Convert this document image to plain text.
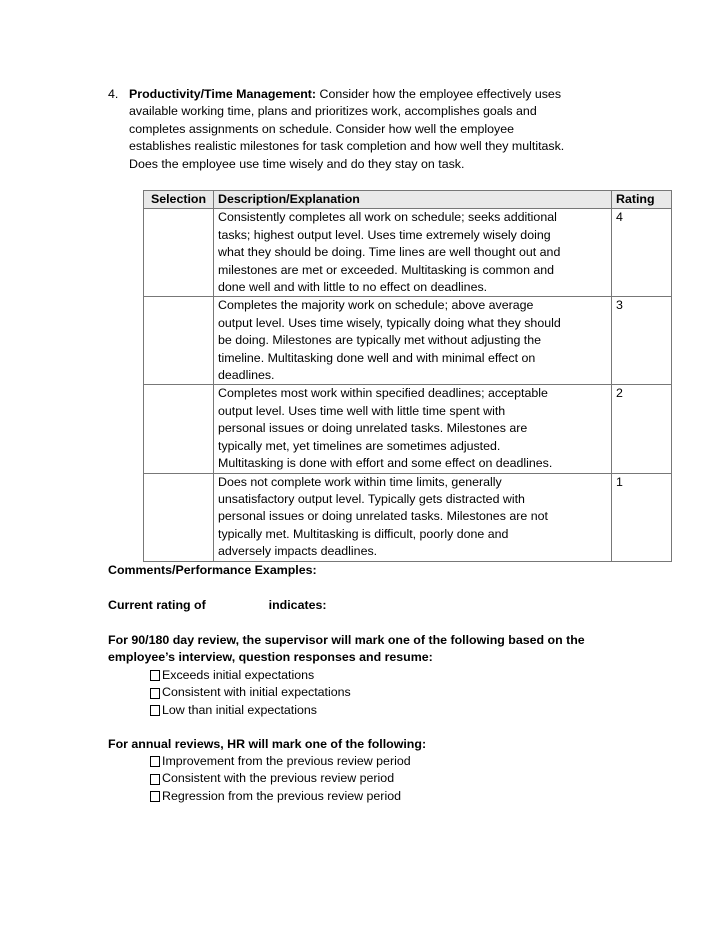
4. Productivity/Time Management: Consider how the employee effectively uses
available working time, plans and prioritizes work, accomplishes goals and
completes assignments on schedule. Consider how well the employee
establishes realistic milestones for task completion and how well they multitask.
Does the employee use time wisely and do they stay on task.
Selection	Description/Explanation	Rating

	Consistently completes all work on schedule; seeks additional
tasks; highest output level. Uses time extremely wisely doing
what they should be doing. Time lines are well thought out and
milestones are met or exceeded. Multitasking is common and
done well and with little to no effect on deadlines.	4

	Completes the majority work on schedule; above average
output level. Uses time wisely, typically doing what they should
be doing. Milestones are typically met without adjusting the
timeline. Multitasking done well and with minimal effect on
deadlines.	3

	Completes most work within specified deadlines; acceptable
output level. Uses time well with little time spent with
personal issues or doing unrelated tasks. Milestones are
typically met, yet timelines are sometimes adjusted.
Multitasking is done with effort and some effect on deadlines.	2

	Does not complete work within time limits, generally
unsatisfactory output level. Typically gets distracted with
personal issues or doing unrelated tasks. Milestones are not
typically met. Multitasking is difficult, poorly done and
adversely impacts deadlines.	1
Comments/Performance Examples:
Current rating of	indicates:
For 90/180 day review, the supervisor will mark one of the following based on the
employee’s interview, question responses and resume:
Exceeds initial expectations
Consistent with initial expectations
Low than initial expectations
For annual reviews, HR will mark one of the following:
Improvement from the previous review period
Consistent with the previous review period
Regression from the previous review period
